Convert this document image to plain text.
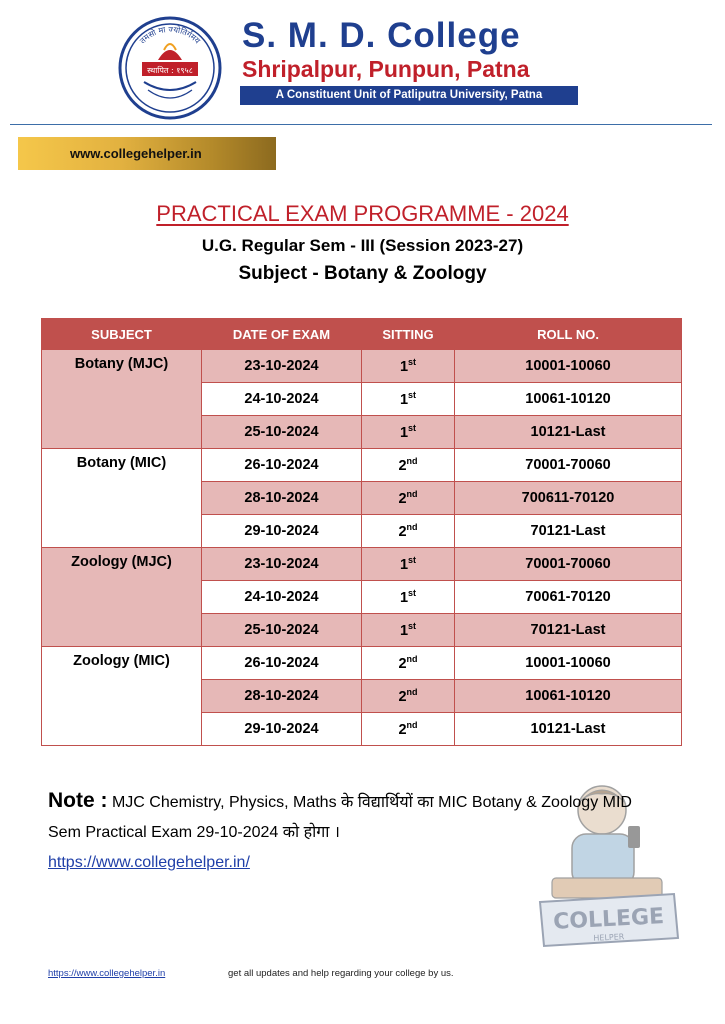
तमसो मा ज्योतिर्गमय
स्थापित : १९५८
S. M. D. College
Shripalpur, Punpun, Patna
A Constituent Unit of Patliputra University, Patna
www.collegehelper.in
PRACTICAL EXAM PROGRAMME - 2024
U.G. Regular Sem - III (Session 2023-27)
Subject - Botany & Zoology
SUBJECT	DATE OF EXAM	SITTING	ROLL NO.
Botany (MJC)	23-10-2024	1st	10001-10060
	24-10-2024	1st	10061-10120
	25-10-2024	1st	10121-Last
Botany (MIC)	26-10-2024	2nd	70001-70060
	28-10-2024	2nd	700611-70120
	29-10-2024	2nd	70121-Last
Zoology (MJC)	23-10-2024	1st	70001-70060
	24-10-2024	1st	70061-70120
	25-10-2024	1st	70121-Last
Zoology (MIC)	26-10-2024	2nd	10001-10060
	28-10-2024	2nd	10061-10120
	29-10-2024	2nd	10121-Last
COLLEGE
HELPER
Note : MJC Chemistry, Physics, Maths के विद्यार्थियों का MIC Botany & Zoology MID Sem Practical Exam 29-10-2024 को होगा ।
https://www.collegehelper.in/
https://www.collegehelper.in	get all updates and help regarding your college by us.
